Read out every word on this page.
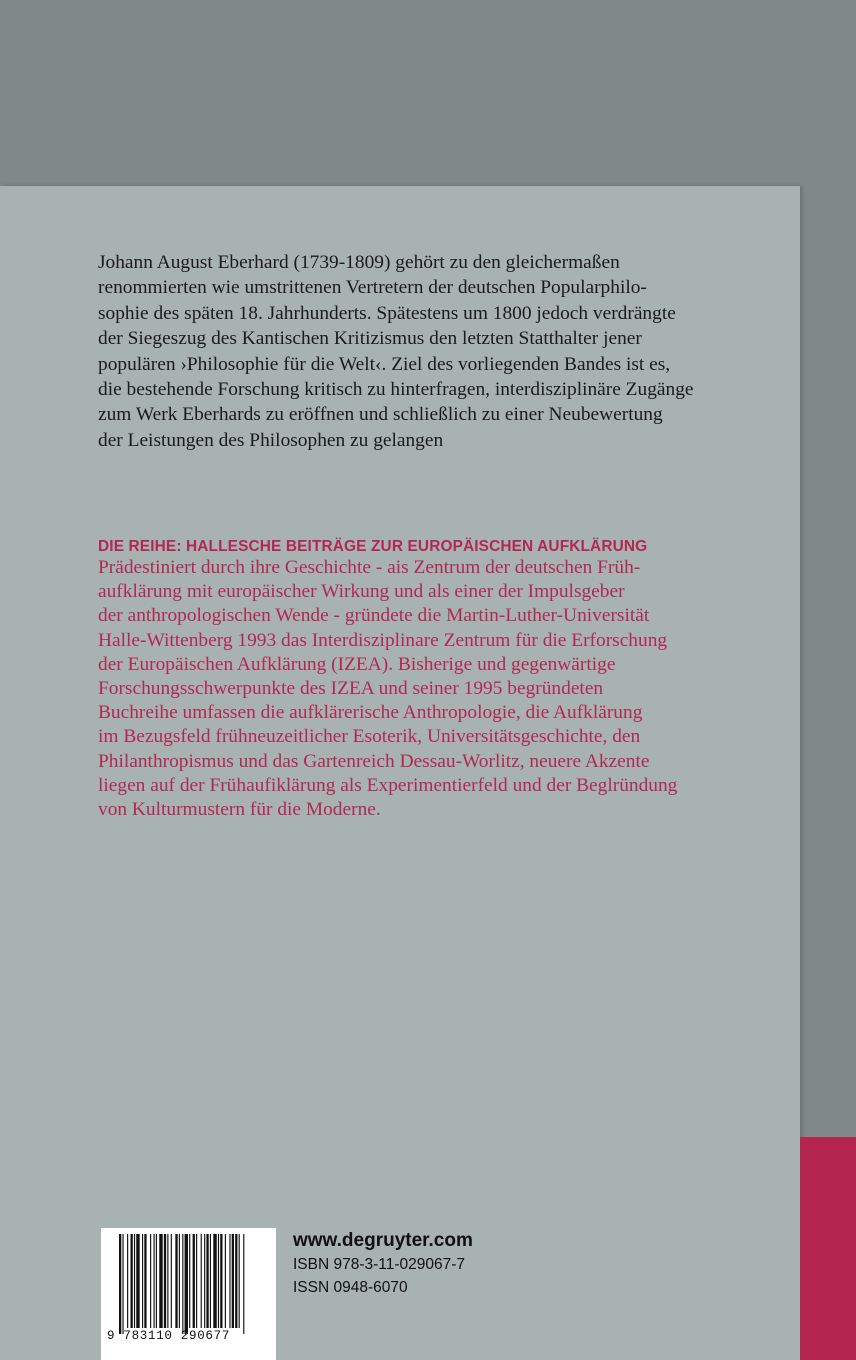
Johann August Eberhard (1739-1809) gehört zu den gleichermaßen
renommierten wie umstrittenen Vertretern der deutschen Popularphilo-
sophie des späten 18. Jahrhunderts. Spätestens um 1800 jedoch verdrängte
der Siegeszug des Kantischen Kritizismus den letzten Statthalter jener
populären ›Philosophie für die Welt‹. Ziel des vorliegenden Bandes ist es,
die bestehende Forschung kritisch zu hinterfragen, interdisziplinäre Zugänge
zum Werk Eberhards zu eröffnen und schließlich zu einer Neubewertung
der Leistungen des Philosophen zu gelangen

DIE REIHE: HALLESCHE BEITRÄGE ZUR EUROPÄISCHEN AUFKLÄRUNG

Prädestiniert durch ihre Geschichte - ais Zentrum der deutschen Früh-
aufklärung mit europäischer Wirkung und als einer der Impulsgeber
der anthropologischen Wende - gründete die Martin-Luther-Universität
Halle-Wittenberg 1993 das Interdisziplinare Zentrum für die Erforschung
der Europäischen Aufklärung (IZEA). Bisherige und gegenwärtige
Forschungsschwerpunkte des IZEA und seiner 1995 begründeten
Buchreihe umfassen die aufklärerische Anthropologie, die Aufklärung
im Bezugsfeld frühneuzeitlicher Esoterik, Universitätsgeschichte, den
Philanthropismus und das Gartenreich Dessau-Worlitz, neuere Akzente
liegen auf der Frühaufiklärung als Experimentierfeld und der Beglründung
von Kulturmustern für die Moderne.

9 783110 290677
www.degruyter.com
ISBN 978-3-11-029067-7
ISSN 0948-6070
